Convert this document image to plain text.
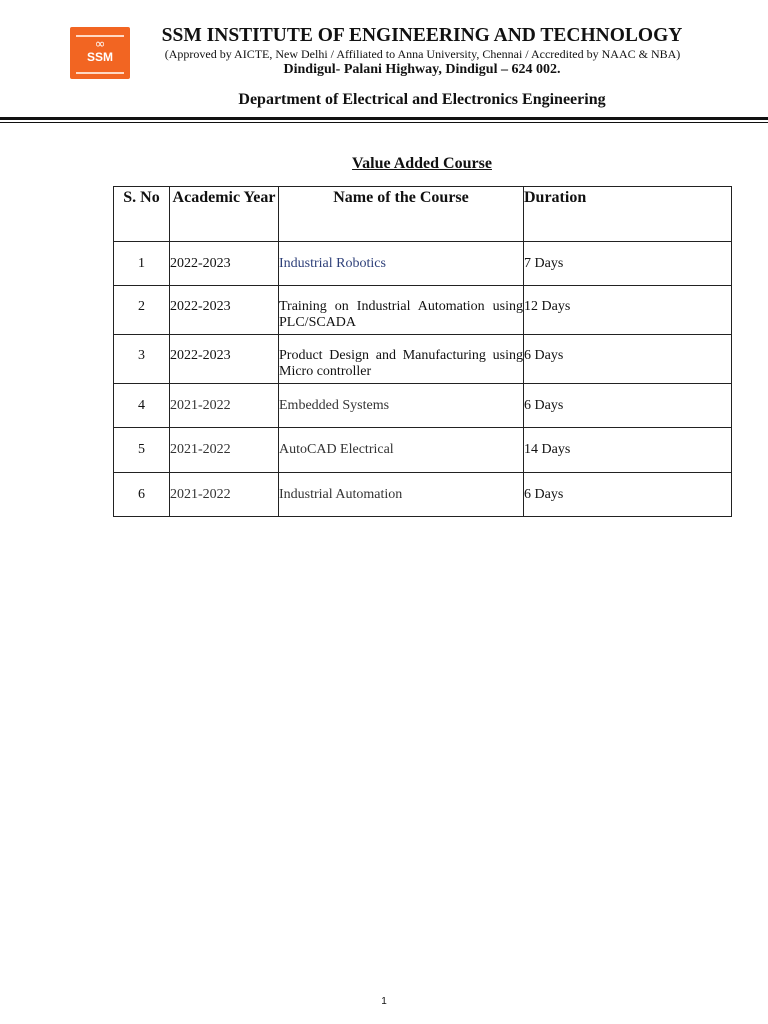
∞
SSM
SSM INSTITUTE OF ENGINEERING AND TECHNOLOGY
(Approved by AICTE, New Delhi / Affiliated to Anna University, Chennai / Accredited by NAAC & NBA)
Dindigul- Palani Highway, Dindigul – 624 002.
Department of Electrical and Electronics Engineering
Value Added Course
S. No	Academic Year	Name of the Course	Duration
1	2022-2023	Industrial Robotics	7 Days
2	2022-2023	Training on Industrial Automation using PLC/SCADA	12 Days
3	2022-2023	Product Design and Manufacturing using Micro controller	6 Days
4	2021-2022	Embedded Systems	6 Days
5	2021-2022	AutoCAD Electrical	14 Days
6	2021-2022	Industrial Automation	6 Days
1
